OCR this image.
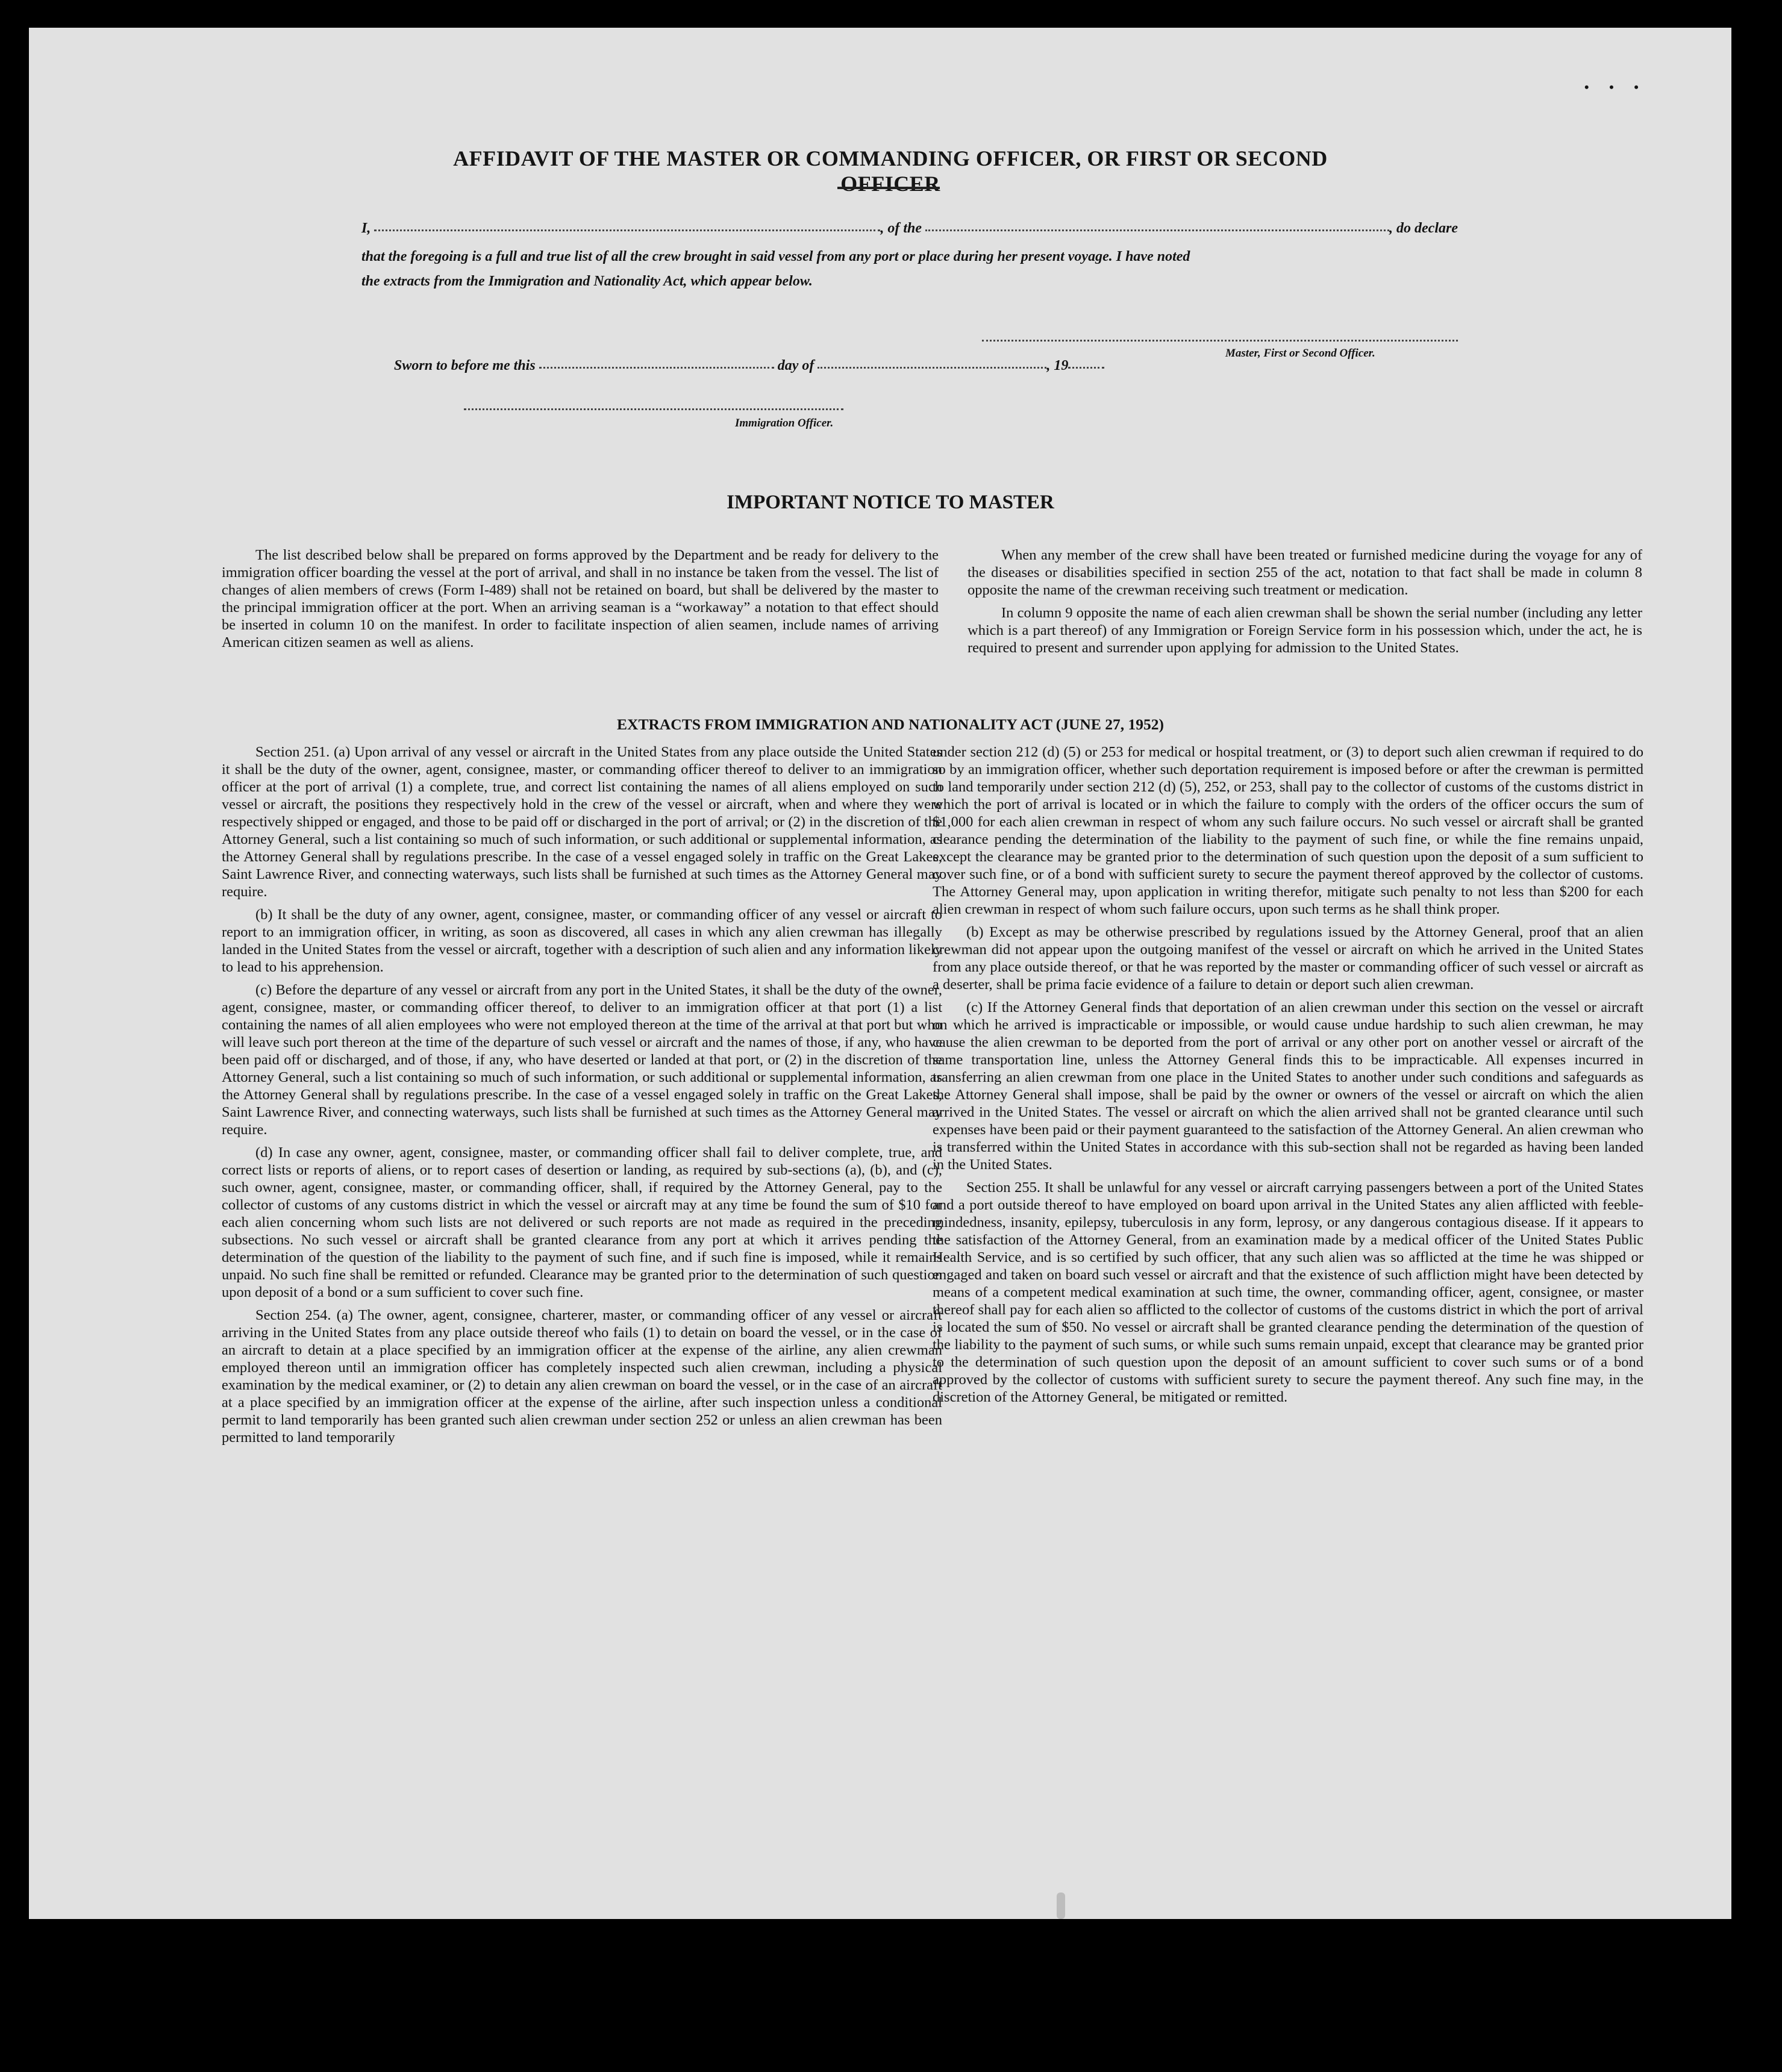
• • •
AFFIDAVIT OF THE MASTER OR COMMANDING OFFICER, OR FIRST OR SECOND OFFICER
I,	, of the	, do declare
that the foregoing is a full and true list of all the crew brought in said vessel from any port or place during her present voyage. I have noted
the extracts from the Immigration and Nationality Act, which appear below.
Master, First or Second Officer.
Sworn to before me this	day of	, 19
Immigration Officer.
IMPORTANT NOTICE TO MASTER

The list described below shall be prepared on forms approved by the Department and be ready for delivery to the immigration officer boarding the vessel at the port of arrival, and shall in no instance be taken from the vessel. The list of changes of alien members of crews (Form I-489) shall not be retained on board, but shall be delivered by the master to the principal immigration officer at the port. When an arriving seaman is a “workaway” a notation to that effect should be inserted in column 10 on the manifest. In order to facilitate inspection of alien seamen, include names of arriving American citizen seamen as well as aliens.

When any member of the crew shall have been treated or furnished medicine during the voyage for any of the diseases or disabilities specified in section 255 of the act, notation to that fact shall be made in column 8 opposite the name of the crewman receiving such treatment or medication.

In column 9 opposite the name of each alien crewman shall be shown the serial number (including any letter which is a part thereof) of any Immigration or Foreign Service form in his possession which, under the act, he is required to present and surrender upon applying for admission to the United States.

EXTRACTS FROM IMMIGRATION AND NATIONALITY ACT (JUNE 27, 1952)

Section 251. (a) Upon arrival of any vessel or aircraft in the United States from any place outside the United States it shall be the duty of the owner, agent, consignee, master, or commanding officer thereof to deliver to an immigration officer at the port of arrival (1) a complete, true, and correct list containing the names of all aliens employed on such vessel or aircraft, the positions they respectively hold in the crew of the vessel or aircraft, when and where they were respectively shipped or engaged, and those to be paid off or discharged in the port of arrival; or (2) in the discretion of the Attorney General, such a list containing so much of such information, or such additional or supplemental information, as the Attorney General shall by regulations prescribe. In the case of a vessel engaged solely in traffic on the Great Lakes, Saint Lawrence River, and connecting waterways, such lists shall be furnished at such times as the Attorney General may require.

(b) It shall be the duty of any owner, agent, consignee, master, or commanding officer of any vessel or aircraft to report to an immigration officer, in writing, as soon as discovered, all cases in which any alien crewman has illegally landed in the United States from the vessel or aircraft, together with a description of such alien and any information likely to lead to his apprehension.

(c) Before the departure of any vessel or aircraft from any port in the United States, it shall be the duty of the owner, agent, consignee, master, or commanding officer thereof, to deliver to an immigration officer at that port (1) a list containing the names of all alien employees who were not employed thereon at the time of the arrival at that port but who will leave such port thereon at the time of the departure of such vessel or aircraft and the names of those, if any, who have been paid off or discharged, and of those, if any, who have deserted or landed at that port, or (2) in the discretion of the Attorney General, such a list containing so much of such information, or such additional or supplemental information, as the Attorney General shall by regulations prescribe. In the case of a vessel engaged solely in traffic on the Great Lakes, Saint Lawrence River, and connecting waterways, such lists shall be furnished at such times as the Attorney General may require.

(d) In case any owner, agent, consignee, master, or commanding officer shall fail to deliver complete, true, and correct lists or reports of aliens, or to report cases of desertion or landing, as required by sub-sections (a), (b), and (c), such owner, agent, consignee, master, or commanding officer, shall, if required by the Attorney General, pay to the collector of customs of any customs district in which the vessel or aircraft may at any time be found the sum of $10 for each alien concerning whom such lists are not delivered or such reports are not made as required in the preceding subsections. No such vessel or aircraft shall be granted clearance from any port at which it arrives pending the determination of the question of the liability to the payment of such fine, and if such fine is imposed, while it remains unpaid. No such fine shall be remitted or refunded. Clearance may be granted prior to the determination of such question upon deposit of a bond or a sum sufficient to cover such fine.

Section 254. (a) The owner, agent, consignee, charterer, master, or commanding officer of any vessel or aircraft arriving in the United States from any place outside thereof who fails (1) to detain on board the vessel, or in the case of an aircraft to detain at a place specified by an immigration officer at the expense of the airline, any alien crewman employed thereon until an immigration officer has completely inspected such alien crewman, including a physical examination by the medical examiner, or (2) to detain any alien crewman on board the vessel, or in the case of an aircraft at a place specified by an immigration officer at the expense of the airline, after such inspection unless a conditional permit to land temporarily has been granted such alien crewman under section 252 or unless an alien crewman has been permitted to land temporarily

under section 212 (d) (5) or 253 for medical or hospital treatment, or (3) to deport such alien crewman if required to do so by an immigration officer, whether such deportation requirement is imposed before or after the crewman is permitted to land temporarily under section 212 (d) (5), 252, or 253, shall pay to the collector of customs of the customs district in which the port of arrival is located or in which the failure to comply with the orders of the officer occurs the sum of $1,000 for each alien crewman in respect of whom any such failure occurs. No such vessel or aircraft shall be granted clearance pending the determination of the liability to the payment of such fine, or while the fine remains unpaid, except the clearance may be granted prior to the determination of such question upon the deposit of a sum sufficient to cover such fine, or of a bond with sufficient surety to secure the payment thereof approved by the collector of customs. The Attorney General may, upon application in writing therefor, mitigate such penalty to not less than $200 for each alien crewman in respect of whom such failure occurs, upon such terms as he shall think proper.

(b) Except as may be otherwise prescribed by regulations issued by the Attorney General, proof that an alien crewman did not appear upon the outgoing manifest of the vessel or aircraft on which he arrived in the United States from any place outside thereof, or that he was reported by the master or commanding officer of such vessel or aircraft as a deserter, shall be prima facie evidence of a failure to detain or deport such alien crewman.

(c) If the Attorney General finds that deportation of an alien crewman under this section on the vessel or aircraft on which he arrived is impracticable or impossible, or would cause undue hardship to such alien crewman, he may cause the alien crewman to be deported from the port of arrival or any other port on another vessel or aircraft of the same transportation line, unless the Attorney General finds this to be impracticable. All expenses incurred in transferring an alien crewman from one place in the United States to another under such conditions and safeguards as the Attorney General shall impose, shall be paid by the owner or owners of the vessel or aircraft on which the alien arrived in the United States. The vessel or aircraft on which the alien arrived shall not be granted clearance until such expenses have been paid or their payment guaranteed to the satisfaction of the Attorney General. An alien crewman who is transferred within the United States in accordance with this sub-section shall not be regarded as having been landed in the United States.

Section 255. It shall be unlawful for any vessel or aircraft carrying passengers between a port of the United States and a port outside thereof to have employed on board upon arrival in the United States any alien afflicted with feeble-mindedness, insanity, epilepsy, tuberculosis in any form, leprosy, or any dangerous contagious disease. If it appears to the satisfaction of the Attorney General, from an examination made by a medical officer of the United States Public Health Service, and is so certified by such officer, that any such alien was so afflicted at the time he was shipped or engaged and taken on board such vessel or aircraft and that the existence of such affliction might have been detected by means of a competent medical examination at such time, the owner, commanding officer, agent, consignee, or master thereof shall pay for each alien so afflicted to the collector of customs of the customs district in which the port of arrival is located the sum of $50. No vessel or aircraft shall be granted clearance pending the determination of the question of the liability to the payment of such sums, or while such sums remain unpaid, except that clearance may be granted prior to the determination of such question upon the deposit of an amount sufficient to cover such sums or of a bond approved by the collector of customs with sufficient surety to secure the payment thereof. Any such fine may, in the discretion of the Attorney General, be mitigated or remitted.
